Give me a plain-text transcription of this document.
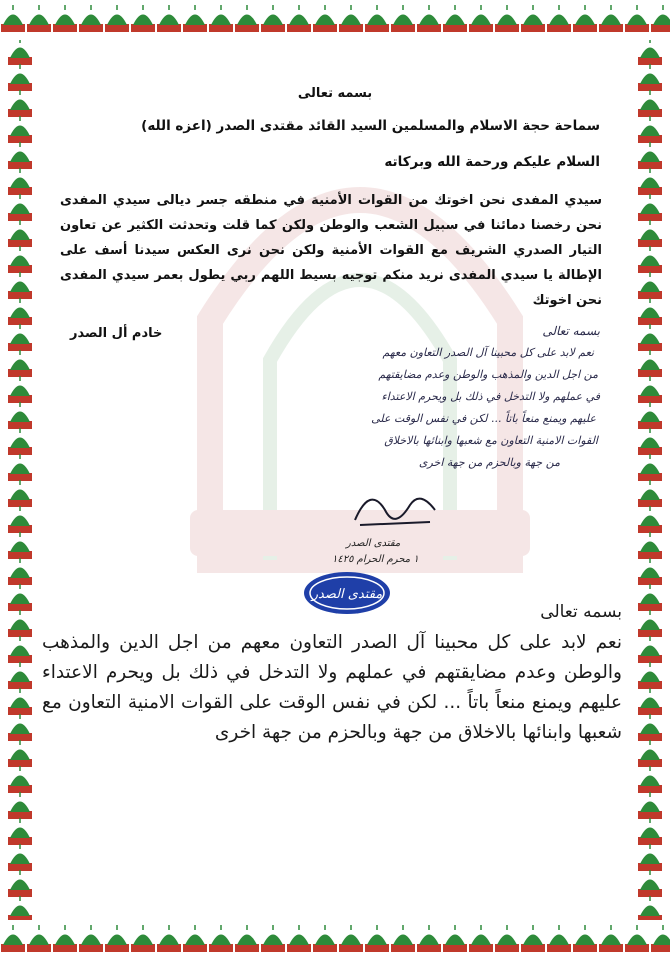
بسمه تعالى
سماحة حجة الاسلام والمسلمين السيد القائد مقتدى الصدر (اعزه الله)
السلام عليكم ورحمة الله وبركاته
سيدي المفدى نحن اخوتك من القوات الأمنية في منطقه جسر ديالى سيدي المفدى نحن رخصنا دمائنا في سبيل الشعب والوطن ولكن كما قلت وتحدثت الكثير عن تعاون التيار الصدري الشريف مع القوات الأمنية ولكن نحن نرى العكس سيدنا أسف على الإطالة يا سيدي المفدى نريد منكم توجيه بسيط اللهم ربي يطول بعمر سيدي المفدى نحن اخوتك
خادم أل الصدر	بسمه تعالى
نعم لابد على كل محبينا آل الصدر التعاون معهم
من اجل الدين والمذهب والوطن وعدم مضايقتهم
في عملهم ولا التدخل في ذلك بل ويحرم الاعتداء
عليهم ويمنع منعاً باتاً ... لكن في نفس الوقت على
القوات الامنية التعاون مع شعبها وابنائها بالاخلاق
من جهة وبالحزم من جهة اخرى
مقتدى الصدر
١ محرم الحرام ١٤٢٥
مقتدى الصدر
بسمه تعالى
نعم لابد على كل محبينا آل الصدر التعاون معهم من اجل الدين والمذهب والوطن وعدم مضايقتهم في عملهم ولا التدخل في ذلك بل ويحرم الاعتداء عليهم ويمنع منعاً باتاً ... لكن في نفس الوقت على القوات الامنية التعاون مع شعبها وابنائها بالاخلاق من جهة وبالحزم من جهة اخرى
